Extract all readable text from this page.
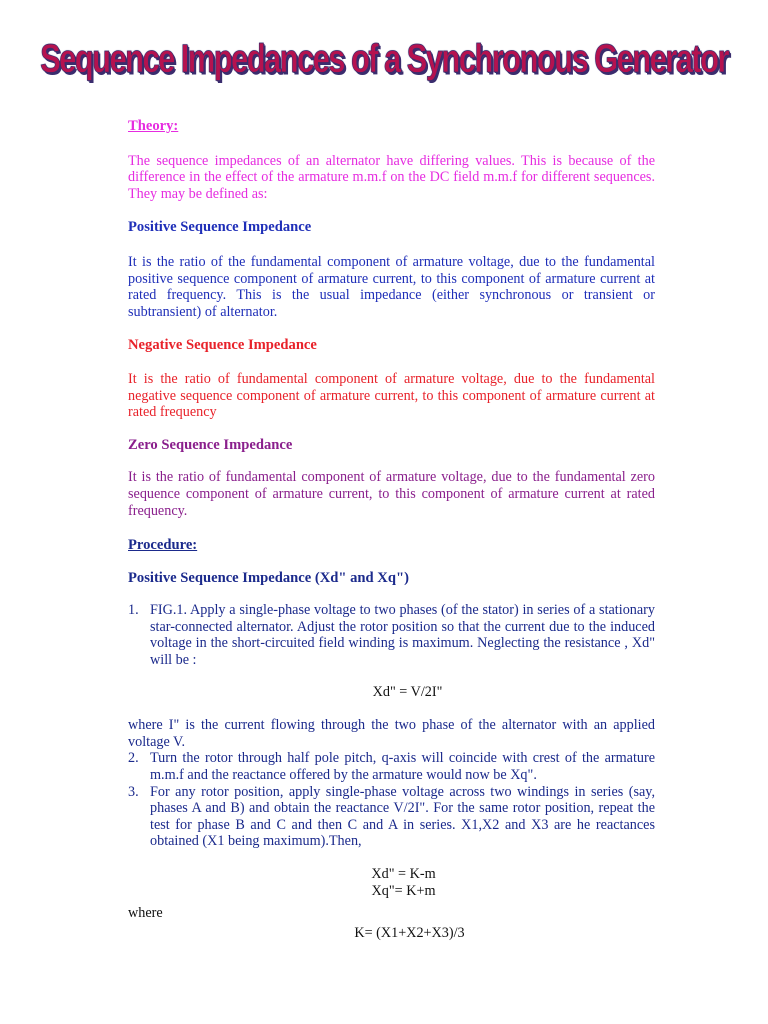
Sequence Impedances of a Synchronous Generator

Theory:

The sequence impedances of an alternator have differing values. This is because of the difference in the effect of the armature m.m.f on the DC field m.m.f for different sequences. They may be defined as:

Positive Sequence Impedance

It is the ratio of the fundamental component of armature voltage, due to the fundamental positive sequence component of armature current, to this component of armature current at rated frequency. This is the usual impedance (either synchronous or transient or subtransient) of alternator.

Negative Sequence Impedance

It is the ratio of fundamental component of armature voltage, due to the fundamental negative sequence component of armature current, to this component of armature current at rated frequency

Zero Sequence Impedance

It is the ratio of fundamental component of armature voltage, due to the fundamental zero sequence component of armature current, to this component of armature current at rated frequency.

Procedure:

Positive Sequence Impedance (Xd" and Xq")

1. FIG.1. Apply a single-phase voltage to two phases (of the stator) in series of a stationary star-connected alternator. Adjust the rotor position so that the current due to the induced voltage in the short-circuited field winding is maximum. Neglecting the resistance , Xd" will be :

Xd" = V/2I"

where I" is the current flowing through the two phase of the alternator with an applied voltage V.

2. Turn the rotor through half pole pitch, q-axis will coincide with crest of the armature m.m.f and the reactance offered by the armature would now be Xq".
3. For any rotor position, apply single-phase voltage across two windings in series (say, phases A and B) and obtain the reactance V/2I". For the same rotor position, repeat the test for phase B and C and then C and A in series. X1,X2 and X3 are he reactances obtained (X1 being maximum).Then,

Xd" = K-m

Xq"= K+m

where

K= (X1+X2+X3)/3
